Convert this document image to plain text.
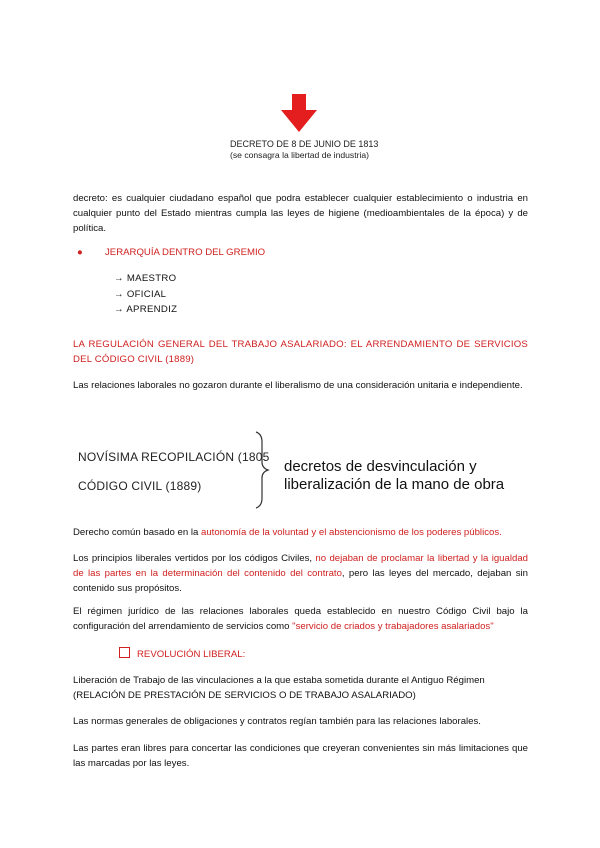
DECRETO DE 8 DE JUNIO DE 1813
(se consagra la libertad de industria)
decreto: es cualquier ciudadano español que podra establecer cualquier establecimiento o industria en cualquier punto del Estado mientras cumpla las leyes de higiene (medioambientales de la época) y de política.
● JERARQUÍA DENTRO DEL GREMIO
→ MAESTRO
→ OFICIAL
→ APRENDIZ
LA REGULACIÓN GENERAL DEL TRABAJO ASALARIADO: EL ARRENDAMIENTO DE SERVICIOS DEL CÓDIGO CIVIL (1889)
Las relaciones laborales no gozaron durante el liberalismo de una consideración unitaria e independiente.
NOVÍSIMA RECOPILACIÓN (1805
CÓDIGO CIVIL (1889)
decretos de desvinculación y
liberalización de la mano de obra
Derecho común basado en la autonomía de la voluntad y el abstencionismo de los poderes públicos.
Los principios liberales vertidos por los códigos Civiles, no dejaban de proclamar la libertad y la igualdad de las partes en la determinación del contenido del contrato, pero las leyes del mercado, dejaban sin contenido sus propósitos.
El régimen jurídico de las relaciones laborales queda establecido en nuestro Código Civil bajo la configuración del arrendamiento de servicios como "servicio de criados y trabajadores asalariados"
REVOLUCIÓN LIBERAL:
Liberación de Trabajo de las vinculaciones a la que estaba sometida durante el Antiguo Régimen (RELACIÓN DE PRESTACIÓN DE SERVICIOS O DE TRABAJO ASALARIADO)
Las normas generales de obligaciones y contratos regían también para las relaciones laborales.
Las partes eran libres para concertar las condiciones que creyeran convenientes sin más limitaciones que las marcadas por las leyes.
